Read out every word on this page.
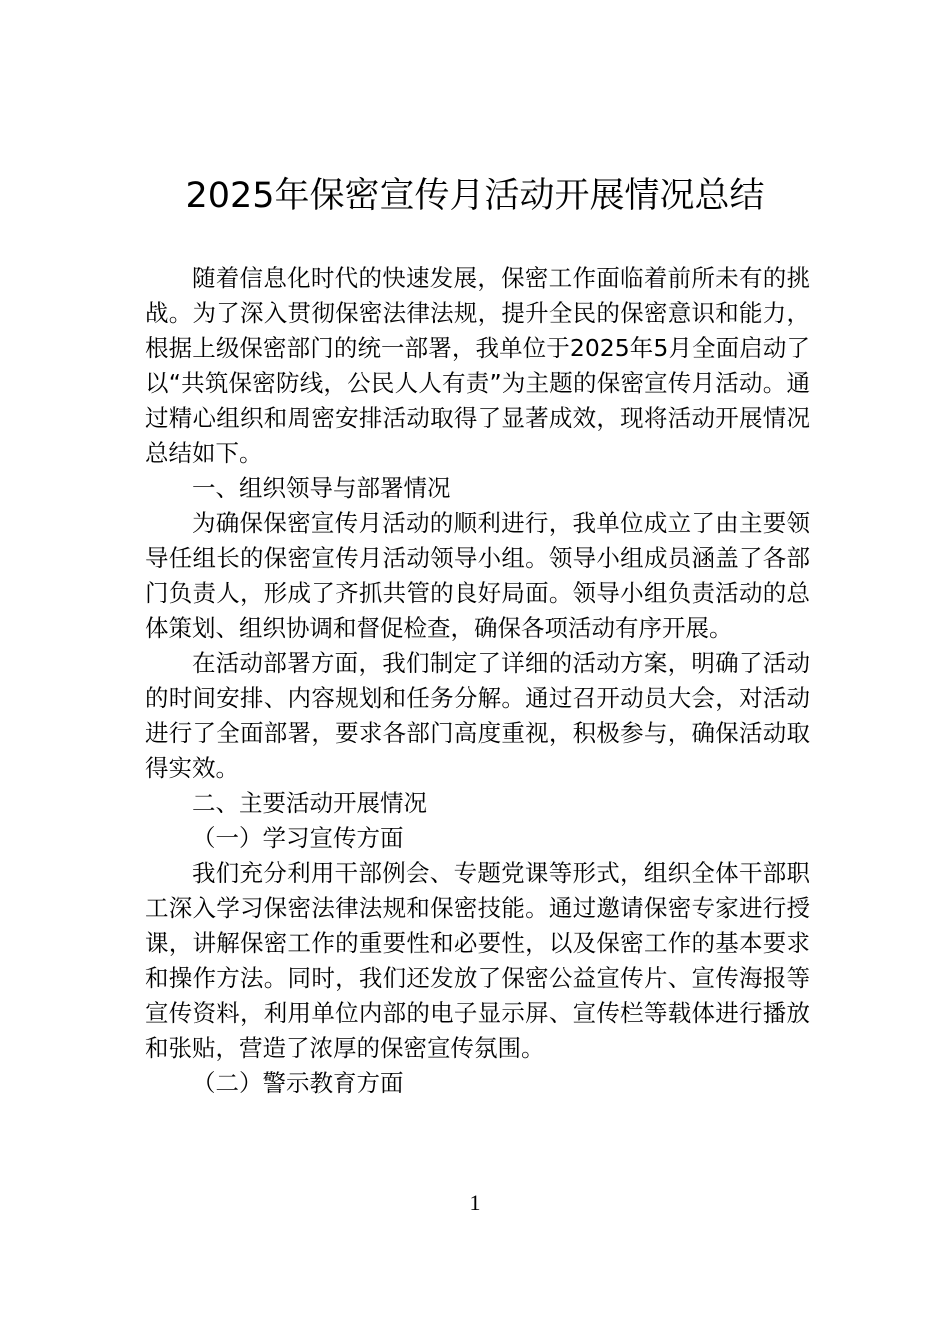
2025年保密宣传月活动开展情况总结

随着信息化时代的快速发展，保密工作面临着前所未有的挑战。为了深入贯彻保密法律法规，提升全民的保密意识和能力，根据上级保密部门的统一部署，我单位于2025年5月全面启动了以“共筑保密防线，公民人人有责”为主题的保密宣传月活动。通过精心组织和周密安排活动取得了显著成效，现将活动开展情况总结如下。

一、组织领导与部署情况

为确保保密宣传月活动的顺利进行，我单位成立了由主要领导任组长的保密宣传月活动领导小组。领导小组成员涵盖了各部门负责人，形成了齐抓共管的良好局面。领导小组负责活动的总体策划、组织协调和督促检查，确保各项活动有序开展。

在活动部署方面，我们制定了详细的活动方案，明确了活动的时间安排、内容规划和任务分解。通过召开动员大会，对活动进行了全面部署，要求各部门高度重视，积极参与，确保活动取得实效。

二、主要活动开展情况

（一）学习宣传方面

我们充分利用干部例会、专题党课等形式，组织全体干部职工深入学习保密法律法规和保密技能。通过邀请保密专家进行授课，讲解保密工作的重要性和必要性，以及保密工作的基本要求和操作方法。同时，我们还发放了保密公益宣传片、宣传海报等宣传资料，利用单位内部的电子显示屏、宣传栏等载体进行播放和张贴，营造了浓厚的保密宣传氛围。

（二）警示教育方面

1
